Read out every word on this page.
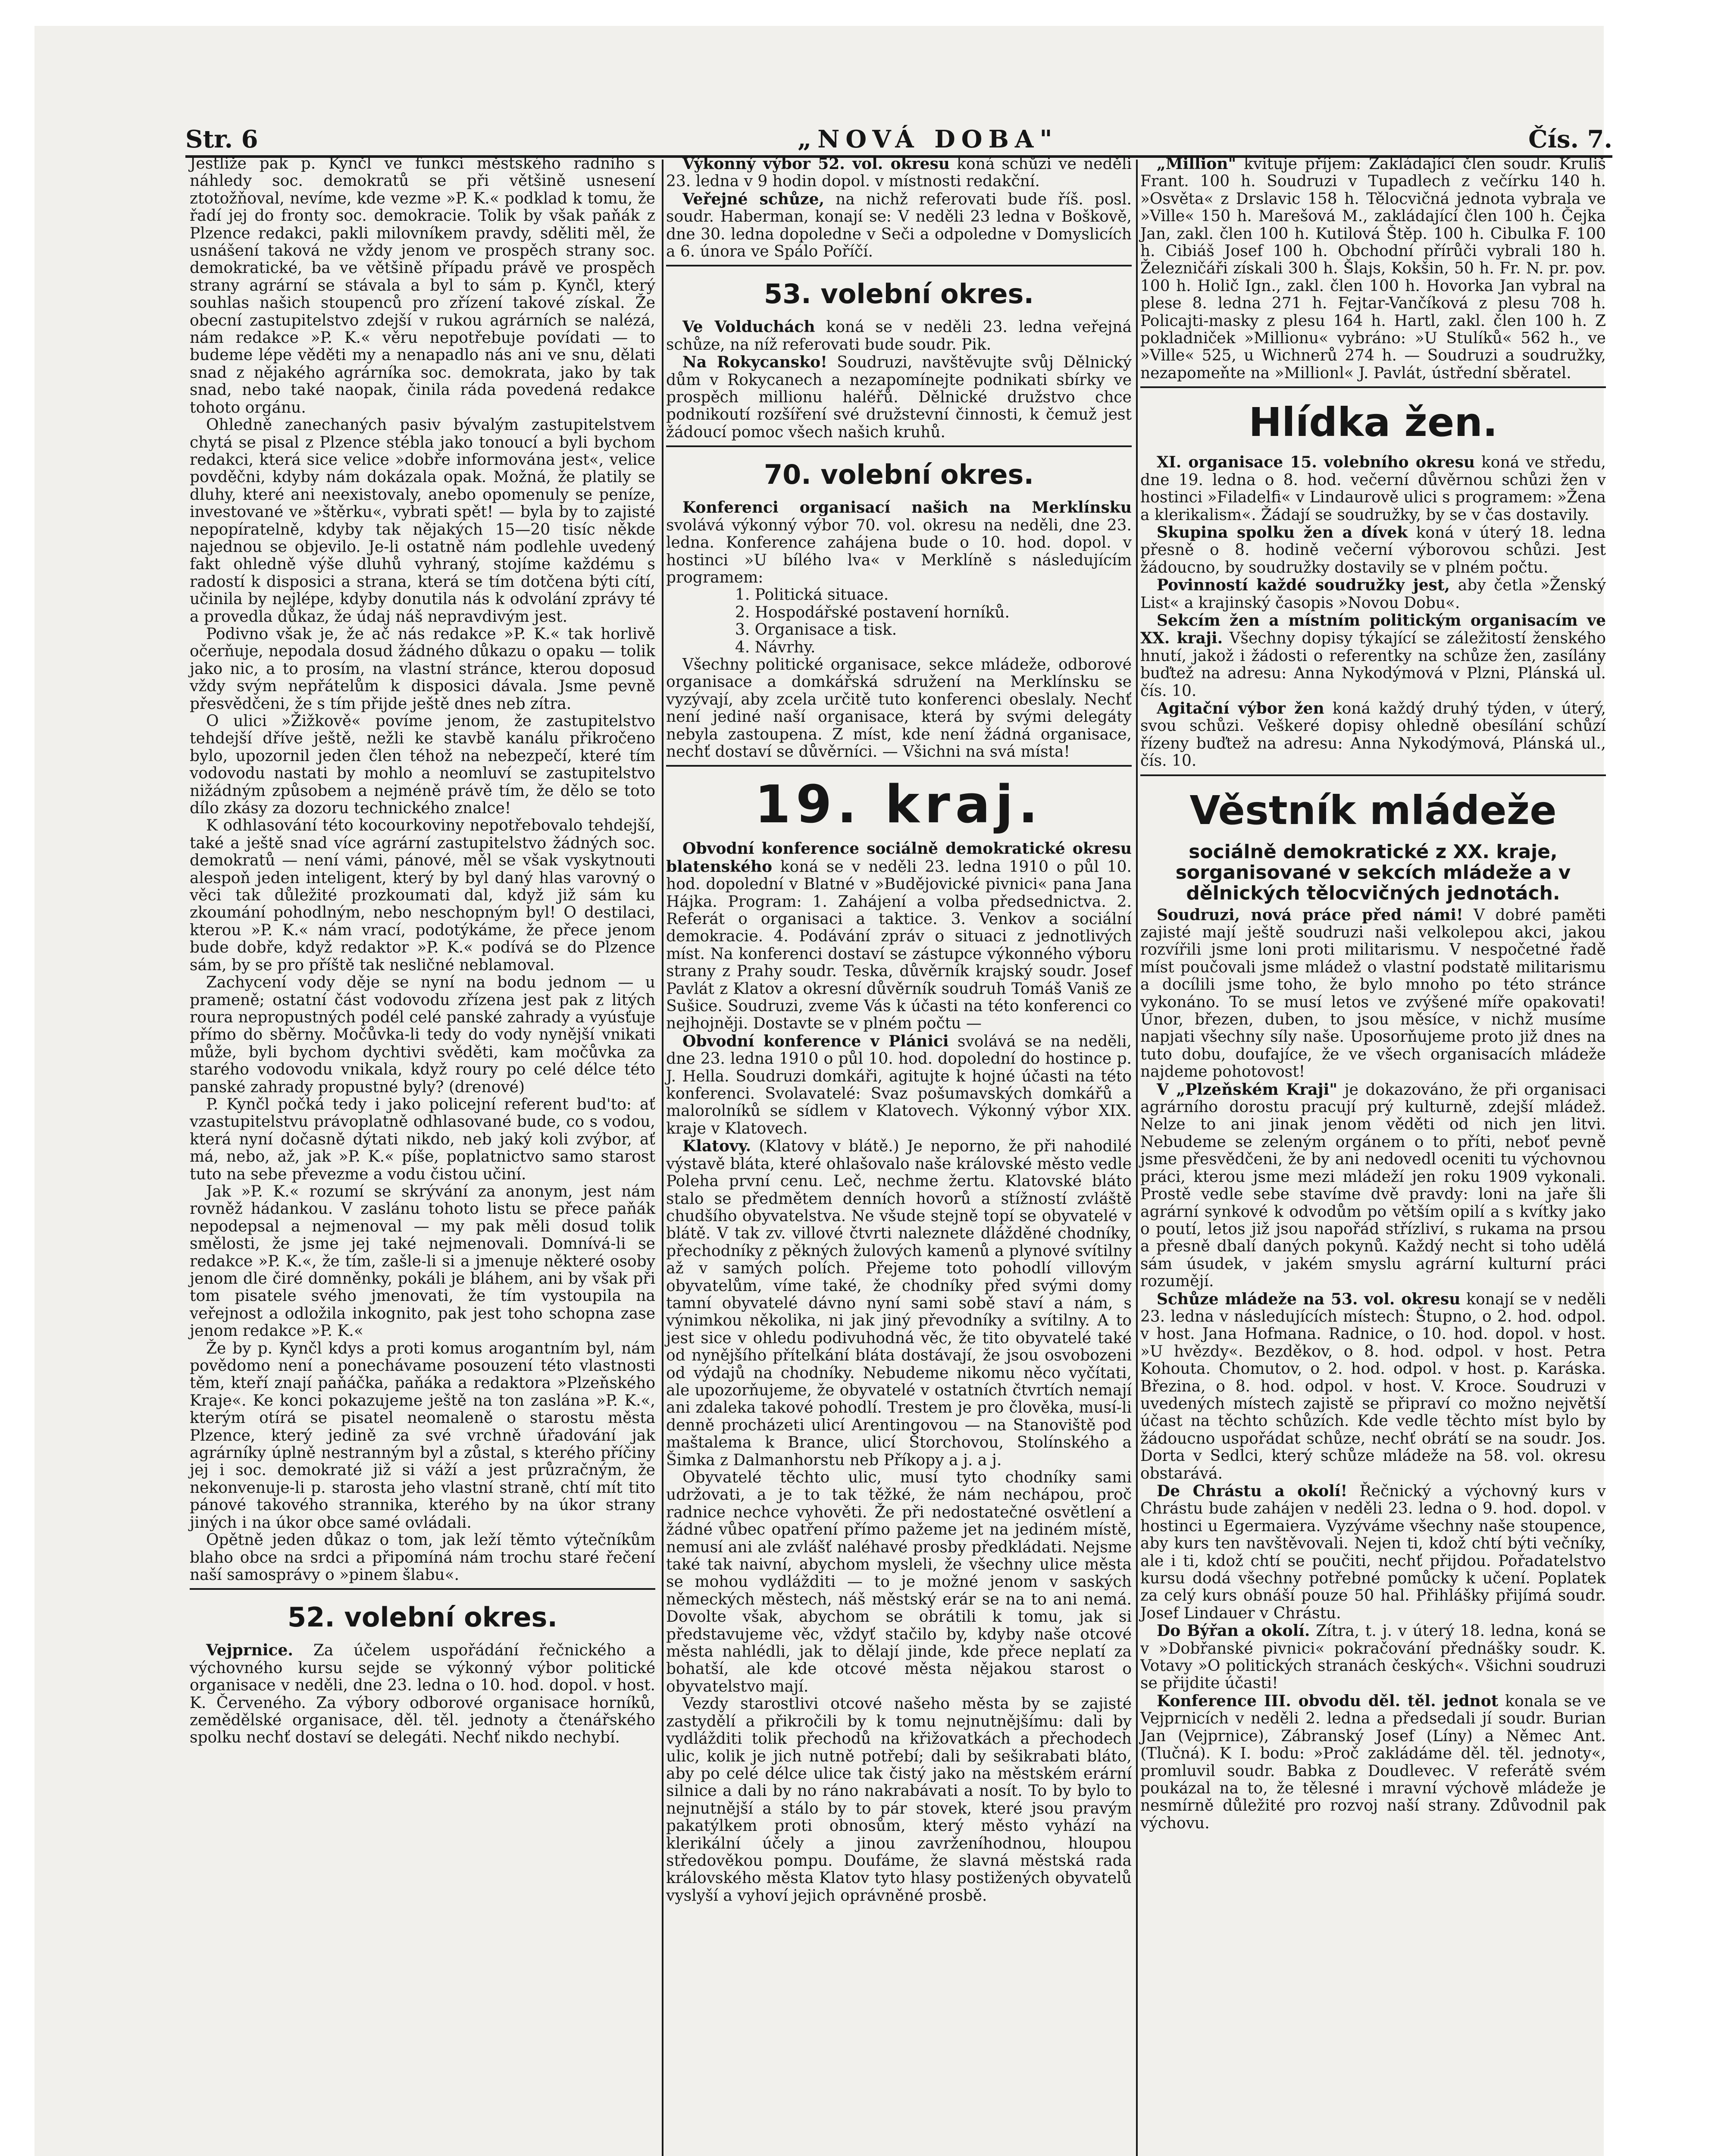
Str. 6	„NOVÁ DOBA"	Čís. 7.

Jestliže pak p. Kynčl ve funkci městského radního s náhledy soc. demokratů se při většině usnesení ztotožňoval, nevíme, kde vezme »P. K.« podklad k tomu, že řadí jej do fronty soc. demokracie. Tolik by však paňák z Plzence redakci, pakli milovníkem pravdy, sděliti měl, že usnášení taková ne vždy jenom ve prospěch strany soc. demokratické, ba ve většině případu právě ve prospěch strany agrární se stávala a byl to sám p. Kynčl, který souhlas našich stoupenců pro zřízení takové získal. Že obecní zastupitelstvo zdejší v rukou agrárních se nalézá, nám redakce »P. K.« věru nepotřebuje povídati — to budeme lépe věděti my a nenapadlo nás ani ve snu, dělati snad z nějakého agrárníka soc. demokrata, jako by tak snad, nebo také naopak, činila ráda povedená redakce tohoto orgánu.

Ohledně zanechaných pasiv bývalým zastupitelstvem chytá se pisal z Plzence stébla jako tonoucí a byli bychom redakci, která sice velice »dobře informována jest«, velice povděčni, kdyby nám dokázala opak. Možná, že platily se dluhy, které ani neexistovaly, anebo opomenuly se peníze, investované ve »štěrku«, vybrati spět! — byla by to zajisté nepopíratelně, kdyby tak nějakých 15—20 tisíc někde najednou se objevilo. Je-li ostatně nám podlehle uvedený fakt ohledně výše dluhů vyhraný, stojíme každému s radostí k disposici a strana, která se tím dotčena býti cítí, učinila by nejlépe, kdyby donutila nás k odvolání zprávy té a provedla důkaz, že údaj náš nepravdivým jest.

Podivno však je, že ač nás redakce »P. K.« tak horlivě očerňuje, nepodala dosud žádného důkazu o opaku — tolik jako nic, a to prosím, na vlastní stránce, kterou doposud vždy svým nepřátelům k disposici dávala. Jsme pevně přesvědčeni, že s tím přijde ještě dnes neb zítra.

O ulici »Žižkově« povíme jenom, že zastupitelstvo tehdejší dříve ještě, nežli ke stavbě kanálu přikročeno bylo, upozornil jeden člen téhož na nebezpečí, které tím vodovodu nastati by mohlo a neomluví se zastupitelstvo nižádným způsobem a nejméně právě tím, že dělo se toto dílo zkásy za dozoru technického znalce!

K odhlasování této kocourkoviny nepotřebovalo tehdejší, také a ještě snad více agrární zastupitelstvo žádných soc. demokratů — není vámi, pánové, měl se však vyskytnouti alespoň jeden inteligent, který by byl daný hlas varovný o věci tak důležité prozkoumati dal, když již sám ku zkoumání pohodlným, nebo neschopným byl! O destilaci, kterou »P. K.« nám vrací, podotýkáme, že přece jenom bude dobře, když redaktor »P. K.« podívá se do Plzence sám, by se pro příště tak nesličné neblamoval.

Zachycení vody děje se nyní na bodu jednom — u prameně; ostatní část vodovodu zřízena jest pak z litých roura nepropustných podél celé panské zahrady a vyúsťuje přímo do sběrny. Močůvka-li tedy do vody nynější vnikati může, byli bychom dychtivi svěděti, kam močůvka za starého vodovodu vnikala, když roury po celé délce této panské zahrady propustné byly? (drenové)

P. Kynčl počká tedy i jako policejní referent bud'to: ať vzastupitelstvu právoplatně odhlasované bude, co s vodou, která nyní dočasně dýtati nikdo, neb jaký koli zvýbor, ať má, nebo, až, jak »P. K.« píše, poplatnictvo samo starost tuto na sebe převezme a vodu čistou učiní.

Jak »P. K.« rozumí se skrývání za anonym, jest nám rovněž hádankou. V zaslánu tohoto listu se přece paňák nepodepsal a nejmenoval — my pak měli dosud tolik smělosti, že jsme jej také nejmenovali. Domnívá-li se redakce »P. K.«, že tím, zašle-li si a jmenuje některé osoby jenom dle čiré domněnky, pokáli je bláhem, ani by však při tom pisatele svého jmenovati, že tím vystoupila na veřejnost a odložila inkognito, pak jest toho schopna zase jenom redakce »P. K.«

Že by p. Kynčl kdys a proti komus arogantním byl, nám povědomo není a ponechávame posouzení této vlastnosti těm, kteří znají paňáčka, paňáka a redaktora »Plzeňského Kraje«. Ke konci pokazujeme ještě na ton zaslána »P. K.«, kterým otírá se pisatel neomaleně o starostu města Plzence, který jedině za své vrchně úřadování jak agrárníky úplně nestranným byl a zůstal, s kterého příčiny jej i soc. demokraté již si váží a jest průzračným, že nekonvenuje-li p. starosta jeho vlastní straně, chtí mít tito pánové takového strannika, kterého by na úkor strany jiných i na úkor obce samé ovládali.

Opětně jeden důkaz o tom, jak leží těmto výtečníkům blaho obce na srdci a připomíná nám trochu staré řečení naší samosprávy o »pinem šlabu«.

52. volební okres.

Vejprnice. Za účelem uspořádání řečnického a výchovného kursu sejde se výkonný výbor politické organisace v neděli, dne 23. ledna o 10. hod. dopol. v host. K. Červeného. Za výbory odborové organisace horníků, zemědělské organisace, děl. těl. jednoty a čtenářského spolku nechť dostaví se delegáti. Nechť nikdo nechybí.

Výkonný výbor 52. vol. okresu koná schůzi ve neděli 23. ledna v 9 hodin dopol. v místnosti redakční.

Veřejné schůze, na nichž referovati bude říš. posl. soudr. Haberman, konají se: V neděli 23 ledna v Boškově, dne 30. ledna dopoledne v Seči a odpoledne v Domyslicích a 6. února ve Spálo Poříčí.

53. volební okres.

Ve Volduchách koná se v neděli 23. ledna veřejná schůze, na níž referovati bude soudr. Pik.

Na Rokycansko! Soudruzi, navštěvujte svůj Dělnický dům v Rokycanech a nezapomínejte podnikati sbírky ve prospěch millionu haléřů. Dělnické družstvo chce podnikoutí rozšíření své družstevní činnosti, k čemuž jest žádoucí pomoc všech našich kruhů.

70. volební okres.

Konferenci organisací našich na Merklínsku svolává výkonný výbor 70. vol. okresu na neděli, dne 23. ledna. Konference zahájena bude o 10. hod. dopol. v hostinci »U bílého lva« v Merklíně s následujícím programem:

1. Politická situace.
2. Hospodářské postavení horníků.
3. Organisace a tisk.
4. Návrhy.

Všechny politické organisace, sekce mládeže, odborové organisace a domkářská sdružení na Merklínsku se vyzývají, aby zcela určitě tuto konferenci obeslaly. Nechť není jediné naší organisace, která by svými delegáty nebyla zastoupena. Z míst, kde není žádná organisace, nechť dostaví se důvěrníci. — Všichni na svá místa!

19. kraj.

Obvodní konference sociálně demokratické okresu blatenského koná se v neděli 23. ledna 1910 o půl 10. hod. dopolední v Blatné v »Budějovické pivnici« pana Jana Hájka. Program: 1. Zahájení a volba předsednictva. 2. Referát o organisaci a taktice. 3. Venkov a sociální demokracie. 4. Podávání zpráv o situaci z jednotlivých míst. Na konferenci dostaví se zástupce výkonného výboru strany z Prahy soudr. Teska, důvěrník krajský soudr. Josef Pavlát z Klatov a okresní důvěrník soudruh Tomáš Vaniš ze Sušice. Soudruzi, zveme Vás k účasti na této konferenci co nejhojněji. Dostavte se v plném počtu —

Obvodní konference v Plánici svolává se na neděli, dne 23. ledna 1910 o půl 10. hod. dopolední do hostince p. J. Hella. Soudruzi domkáři, agitujte k hojné účasti na této konferenci. Svolavatelé: Svaz pošumavských domkářů a malorolníků se sídlem v Klatovech. Výkonný výbor XIX. kraje v Klatovech.

Klatovy. (Klatovy v blátě.) Je neporno, že při nahodilé výstavě bláta, které ohlašovalo naše královské město vedle Poleha první cenu. Leč, nechme žertu. Klatovské bláto stalo se předmětem denních hovorů a stížností zvláště chudšího obyvatelstva. Ne všude stejně topí se obyvatelé v blátě. V tak zv. villové čtvrti naleznete dlážděné chodníky, přechodníky z pěkných žulových kamenů a plynové svítilny až v samých polích. Přejeme toto pohodlí villovým obyvatelům, víme také, že chodníky před svými domy tamní obyvatelé dávno nyní sami sobě staví a nám, s výnimkou několika, ni jak jiný převodníky a svítilny. A to jest sice v ohledu podivuhodná věc, že tito obyvatelé také od nynějšího přítelkání bláta dostávají, že jsou osvobozeni od výdajů na chodníky. Nebudeme nikomu něco vyčítati, ale upozorňujeme, že obyvatelé v ostatních čtvrtích nemají ani zdaleka takové pohodlí. Trestem je pro člověka, musí-li denně procházeti ulicí Arentingovou — na Stanoviště pod maštalema k Brance, ulicí Štorchovou, Stolínského a Šimka z Dalmanhorstu neb Příkopy a j. a j.

Obyvatelé těchto ulic, musí tyto chodníky sami udržovati, a je to tak těžké, že nám nechápou, proč radnice nechce vyhověti. Že při nedostatečné osvětlení a žádné vůbec opatření přímo pažeme jet na jediném místě, nemusí ani ale zvlášť naléhavé prosby předkládati. Nejsme také tak naivní, abychom mysleli, že všechny ulice města se mohou vydlážditi — to je možné jenom v saských německých městech, náš městský erár se na to ani nemá. Dovolte však, abychom se obrátili k tomu, jak si představujeme věc, vždyť stačilo by, kdyby naše otcové města nahlédli, jak to dělají jinde, kde přece neplatí za bohatší, ale kde otcové města nějakou starost o obyvatelstvo mají.

Vezdy starostlivi otcové našeho města by se zajisté zastydělí a přikročili by k tomu nejnutnějšímu: dali by vydlážditi tolik přechodů na křižovatkách a přechodech ulic, kolik je jich nutně potřebí; dali by sešikrabati bláto, aby po celé délce ulice tak čistý jako na městském erární silnice a dali by no ráno nakrabávati a nosít. To by bylo to nejnutnější a stálo by to pár stovek, které jsou pravým pakatýlkem proti obnosům, který město vyhází na klerikální účely a jinou zavrženíhodnou, hloupou středověkou pompu. Doufáme, že slavná městská rada královského města Klatov tyto hlasy postižených obyvatelů vyslyší a vyhoví jejich oprávněné prosbě.

„Million" kvituje příjem: Zakládající člen soudr. Kruliš Frant. 100 h. Soudruzi v Tupadlech z večírku 140 h. »Osvěta« z Drslavic 158 h. Tělocvičná jednota vybrala ve »Ville« 150 h. Marešová M., zakládající člen 100 h. Čejka Jan, zakl. člen 100 h. Kutilová Štěp. 100 h. Cibulka F. 100 h. Cibiáš Josef 100 h. Obchodní přírůči vybrali 180 h. Železničáři získali 300 h. Šlajs, Kokšin, 50 h. Fr. N. pr. pov. 100 h. Holič Ign., zakl. člen 100 h. Hovorka Jan vybral na plese 8. ledna 271 h. Fejtar-Vančíková z plesu 708 h. Policajti-masky z plesu 164 h. Hartl, zakl. člen 100 h. Z pokladniček »Millionu« vybráno: »U Stulíků« 562 h., ve »Ville« 525, u Wichnerů 274 h. — Soudruzi a soudružky, nezapomeňte na »Millionl« J. Pavlát, ústřední sběratel.

Hlídka žen.

XI. organisace 15. volebního okresu koná ve středu, dne 19. ledna o 8. hod. večerní důvěrnou schůzi žen v hostinci »Filadelfi« v Lindaurově ulici s programem: »Žena a klerikalism«. Žádají se soudružky, by se v čas dostavily.

Skupina spolku žen a dívek koná v úterý 18. ledna přesně o 8. hodině večerní výborovou schůzi. Jest žádoucno, by soudružky dostavily se v plném počtu.

Povinností každé soudružky jest, aby četla »Ženský List« a krajinský časopis »Novou Dobu«.

Sekcím žen a místním politickým organisacím ve XX. kraji. Všechny dopisy týkající se záležitostí ženského hnutí, jakož i žádosti o referentky na schůze žen, zasílány buďtež na adresu: Anna Nykodýmová v Plzni, Plánská ul. čís. 10.

Agitační výbor žen koná každý druhý týden, v úterý, svou schůzi. Veškeré dopisy ohledně obesílání schůzí řízeny buďtež na adresu: Anna Nykodýmová, Plánská ul., čís. 10.

Věstník mládeže
sociálně demokratické z XX. kraje, sorganisované v sekcích mládeže a v dělnických tělocvičných jednotách.

Soudruzi, nová práce před námi! V dobré paměti zajisté mají ještě soudruzi naši velkolepou akci, jakou rozvířili jsme loni proti militarismu. V nespočetné řadě míst poučovali jsme mládež o vlastní podstatě militarismu a docílili jsme toho, že bylo mnoho po této stránce vykonáno. To se musí letos ve zvýšené míře opakovati! Únor, březen, duben, to jsou měsíce, v nichž musíme napjati všechny síly naše. Uposorňujeme proto již dnes na tuto dobu, doufajíce, že ve všech organisacích mládeže najdeme pohotovost!

V „Plzeňském Kraji" je dokazováno, že při organisaci agrárního dorostu pracují prý kulturně, zdejší mládež. Nelze to ani jinak jenom věděti od nich jen litvi. Nebudeme se zeleným orgánem o to příti, neboť pevně jsme přesvědčeni, že by ani nedovedl oceniti tu výchovnou práci, kterou jsme mezi mládeží jen roku 1909 vykonali. Prostě vedle sebe stavíme dvě pravdy: loni na jaře šli agrární synkové k odvodům po větším opilí a s kvítky jako o poutí, letos již jsou napořád střízliví, s rukama na prsou a přesně dbalí daných pokynů. Každý necht si toho udělá sám úsudek, v jakém smyslu agrární kulturní práci rozumějí.

Schůze mládeže na 53. vol. okresu konají se v neděli 23. ledna v následujících místech: Štupno, o 2. hod. odpol. v host. Jana Hofmana. Radnice, o 10. hod. dopol. v host. »U hvězdy«. Bezděkov, o 8. hod. odpol. v host. Petra Kohouta. Chomutov, o 2. hod. odpol. v host. p. Karáska. Březina, o 8. hod. odpol. v host. V. Kroce. Soudruzi v uvedených místech zajistě se připraví co možno největší účast na těchto schůzích. Kde vedle těchto míst bylo by žádoucno uspořádat schůze, nechť obrátí se na soudr. Jos. Dorta v Sedlci, který schůze mládeže na 58. vol. okresu obstarává.

De Chrástu a okolí! Řečnický a výchovný kurs v Chrástu bude zahájen v neděli 23. ledna o 9. hod. dopol. v hostinci u Egermaiera. Vyzýváme všechny naše stoupence, aby kurs ten navštěvovali. Nejen ti, kdož chtí býti večníky, ale i ti, kdož chtí se poučiti, nechť přijdou. Pořadatelstvo kursu dodá všechny potřebné pomůcky k učení. Poplatek za celý kurs obnáší pouze 50 hal. Přihlášky přijímá soudr. Josef Lindauer v Chrástu.

Do Býřan a okolí. Zítra, t. j. v úterý 18. ledna, koná se v »Dobřanské pivnici« pokračování přednášky soudr. K. Votavy »O politických stranách českých«. Všichni soudruzi se přijdite účasti!

Konference III. obvodu děl. těl. jednot konala se ve Vejprnicích v neděli 2. ledna a předsedali jí soudr. Burian Jan (Vejprnice), Zábranský Josef (Líny) a Němec Ant. (Tlučná). K I. bodu: »Proč zakládáme děl. těl. jednoty«, promluvil soudr. Babka z Doudlevec. V referátě svém poukázal na to, že tělesné i mravní výchově mládeže je nesmírně důležité pro rozvoj naší strany. Zdůvodnil pak výchovu.
